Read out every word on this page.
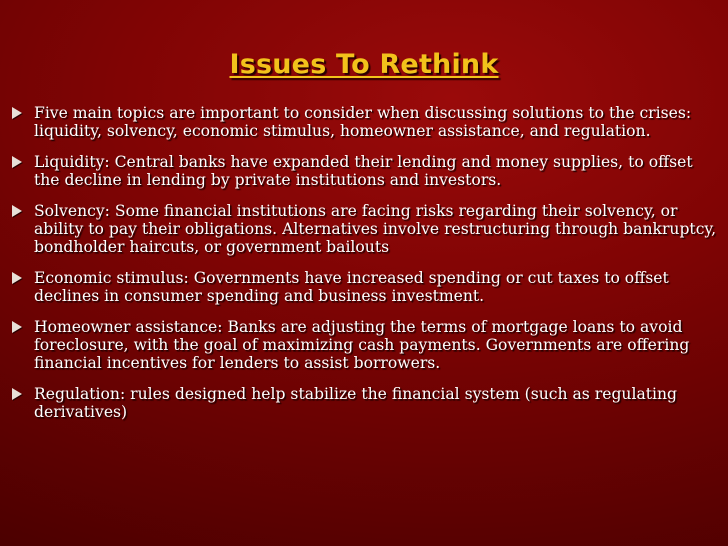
Issues To Rethink
Five main topics are important to consider when discussing solutions to the crises: liquidity, solvency, economic stimulus, homeowner assistance, and regulation.
Liquidity: Central banks have expanded their lending and money supplies, to offset the decline in lending by private institutions and investors.
Solvency: Some financial institutions are facing risks regarding their solvency, or ability to pay their obligations. Alternatives involve restructuring through bankruptcy, bondholder haircuts, or government bailouts
Economic stimulus: Governments have increased spending or cut taxes to offset declines in consumer spending and business investment.
Homeowner assistance: Banks are adjusting the terms of mortgage loans to avoid foreclosure, with the goal of maximizing cash payments. Governments are offering financial incentives for lenders to assist borrowers.
Regulation: rules designed help stabilize the financial system (such as regulating derivatives)
